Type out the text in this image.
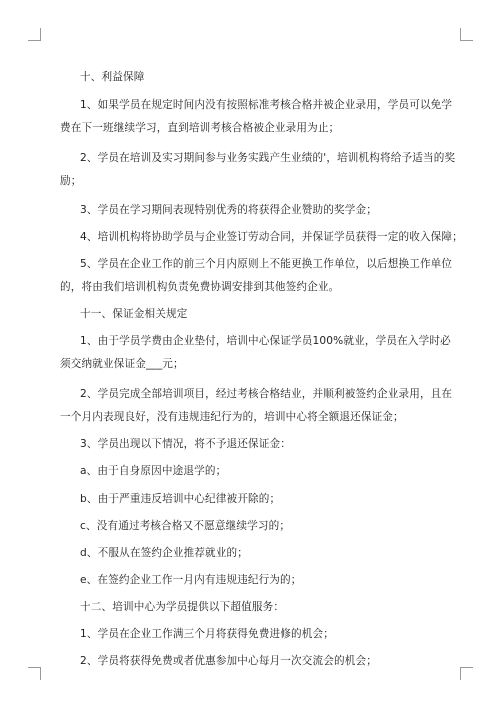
十、利益保障
1、如果学员在规定时间内没有按照标准考核合格并被企业录用，学员可以免学
费在下一班继续学习，直到培训考核合格被企业录用为止；
2、学员在培训及实习期间参与业务实践产生业绩的'，培训机构将给予适当的奖
励；
3、学员在学习期间表现特别优秀的将获得企业赞助的奖学金；
4、培训机构将协助学员与企业签订劳动合同，并保证学员获得一定的收入保障；
5、学员在企业工作的前三个月内原则上不能更换工作单位，以后想换工作单位
的，将由我们培训机构负责免费协调安排到其他签约企业。
十一、保证金相关规定
1、由于学员学费由企业垫付，培训中心保证学员100%就业，学员在入学时必
须交纳就业保证金___元；
2、学员完成全部培训项目，经过考核合格结业，并顺利被签约企业录用，且在
一个月内表现良好，没有违规违纪行为的，培训中心将全额退还保证金；
3、学员出现以下情况，将不予退还保证金：
a、由于自身原因中途退学的；
b、由于严重违反培训中心纪律被开除的；
c、没有通过考核合格又不愿意继续学习的；
d、不服从在签约企业推荐就业的；
e、在签约企业工作一月内有违规违纪行为的；
十二、培训中心为学员提供以下超值服务：
1、学员在企业工作满三个月将获得免费进修的机会；
2、学员将获得免费或者优惠参加中心每月一次交流会的机会；
